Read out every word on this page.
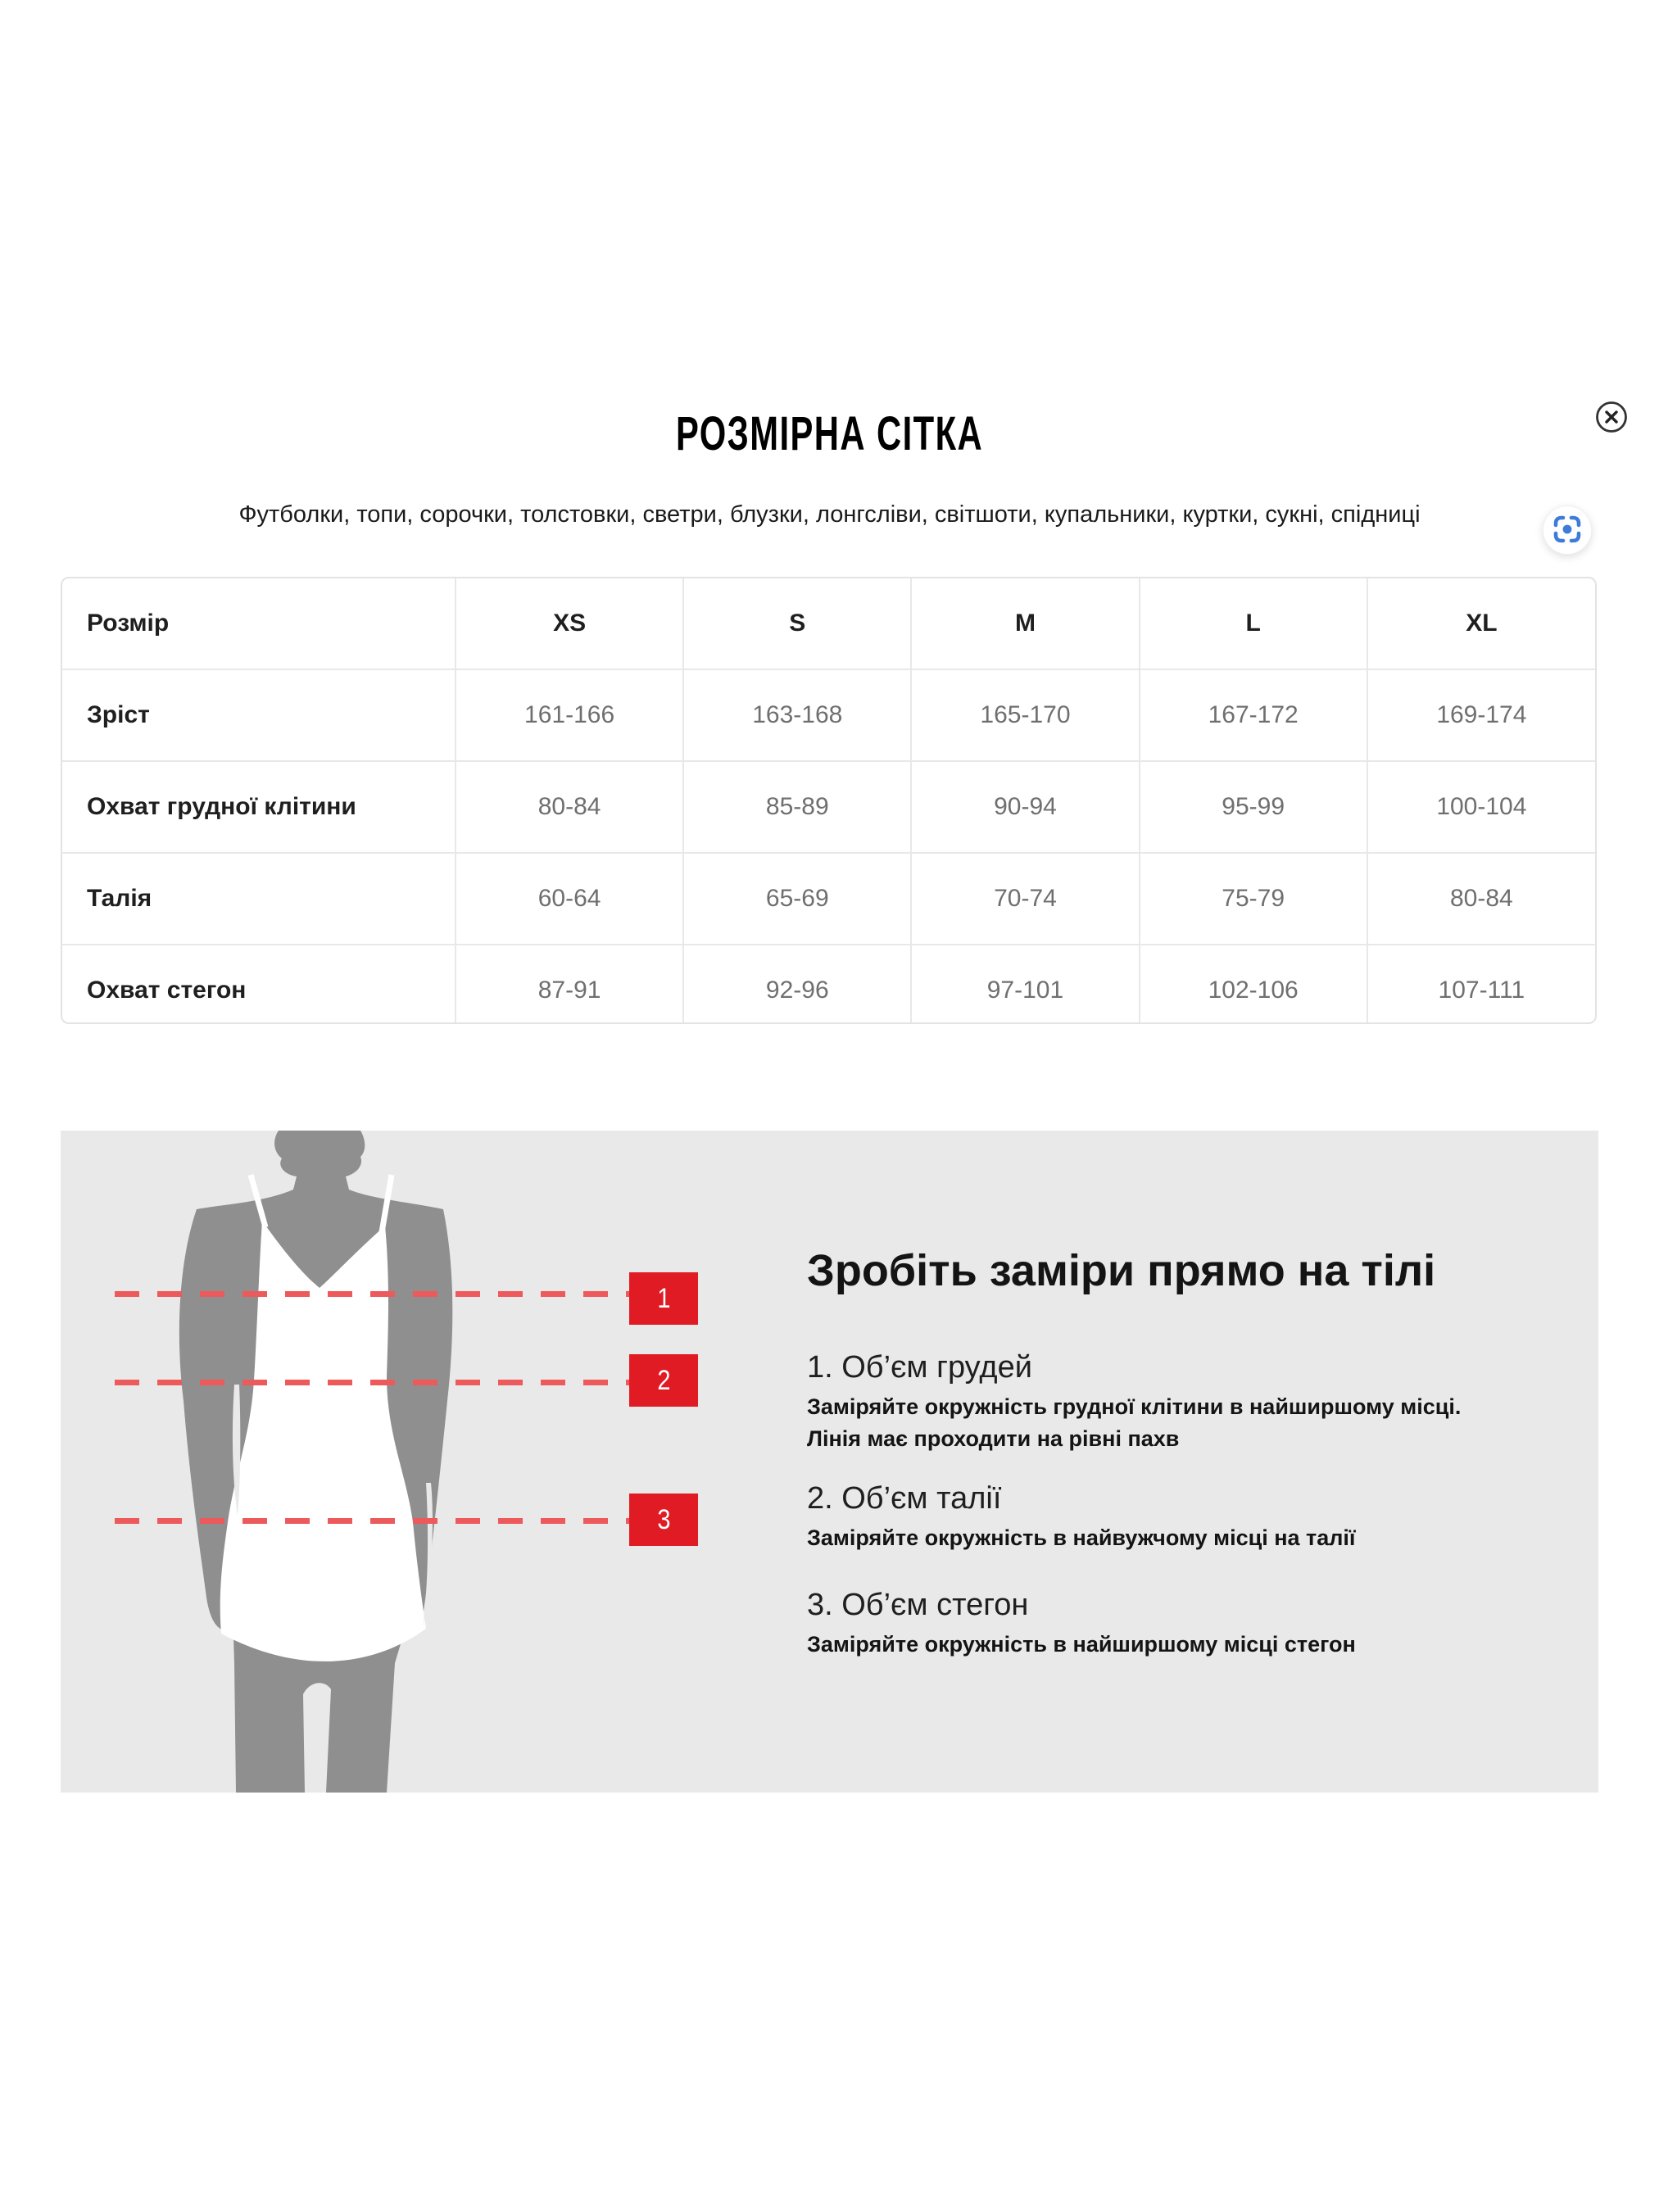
РОЗМІРНА СІТКА
Футболки, топи, сорочки, толстовки, светри, блузки, лонгсліви, світшоти, купальники, куртки, сукні, спідниці
Розмір	XS	S	M	L	XL
Зріст	161-166	163-168	165-170	167-172	169-174
Охват грудної клітини	80-84	85-89	90-94	95-99	100-104
Талія	60-64	65-69	70-74	75-79	80-84
Охват стегон	87-91	92-96	97-101	102-106	107-111
1
2
3
Зробіть заміри прямо на тілі
1. Об’єм грудей
Заміряйте окружність грудної клітини в найширшому місці.
Лінія має проходити на рівні пахв
2. Об’єм талії
Заміряйте окружність в найвужчому місці на талії
3. Об’єм стегон
Заміряйте окружність в найширшому місці стегон
